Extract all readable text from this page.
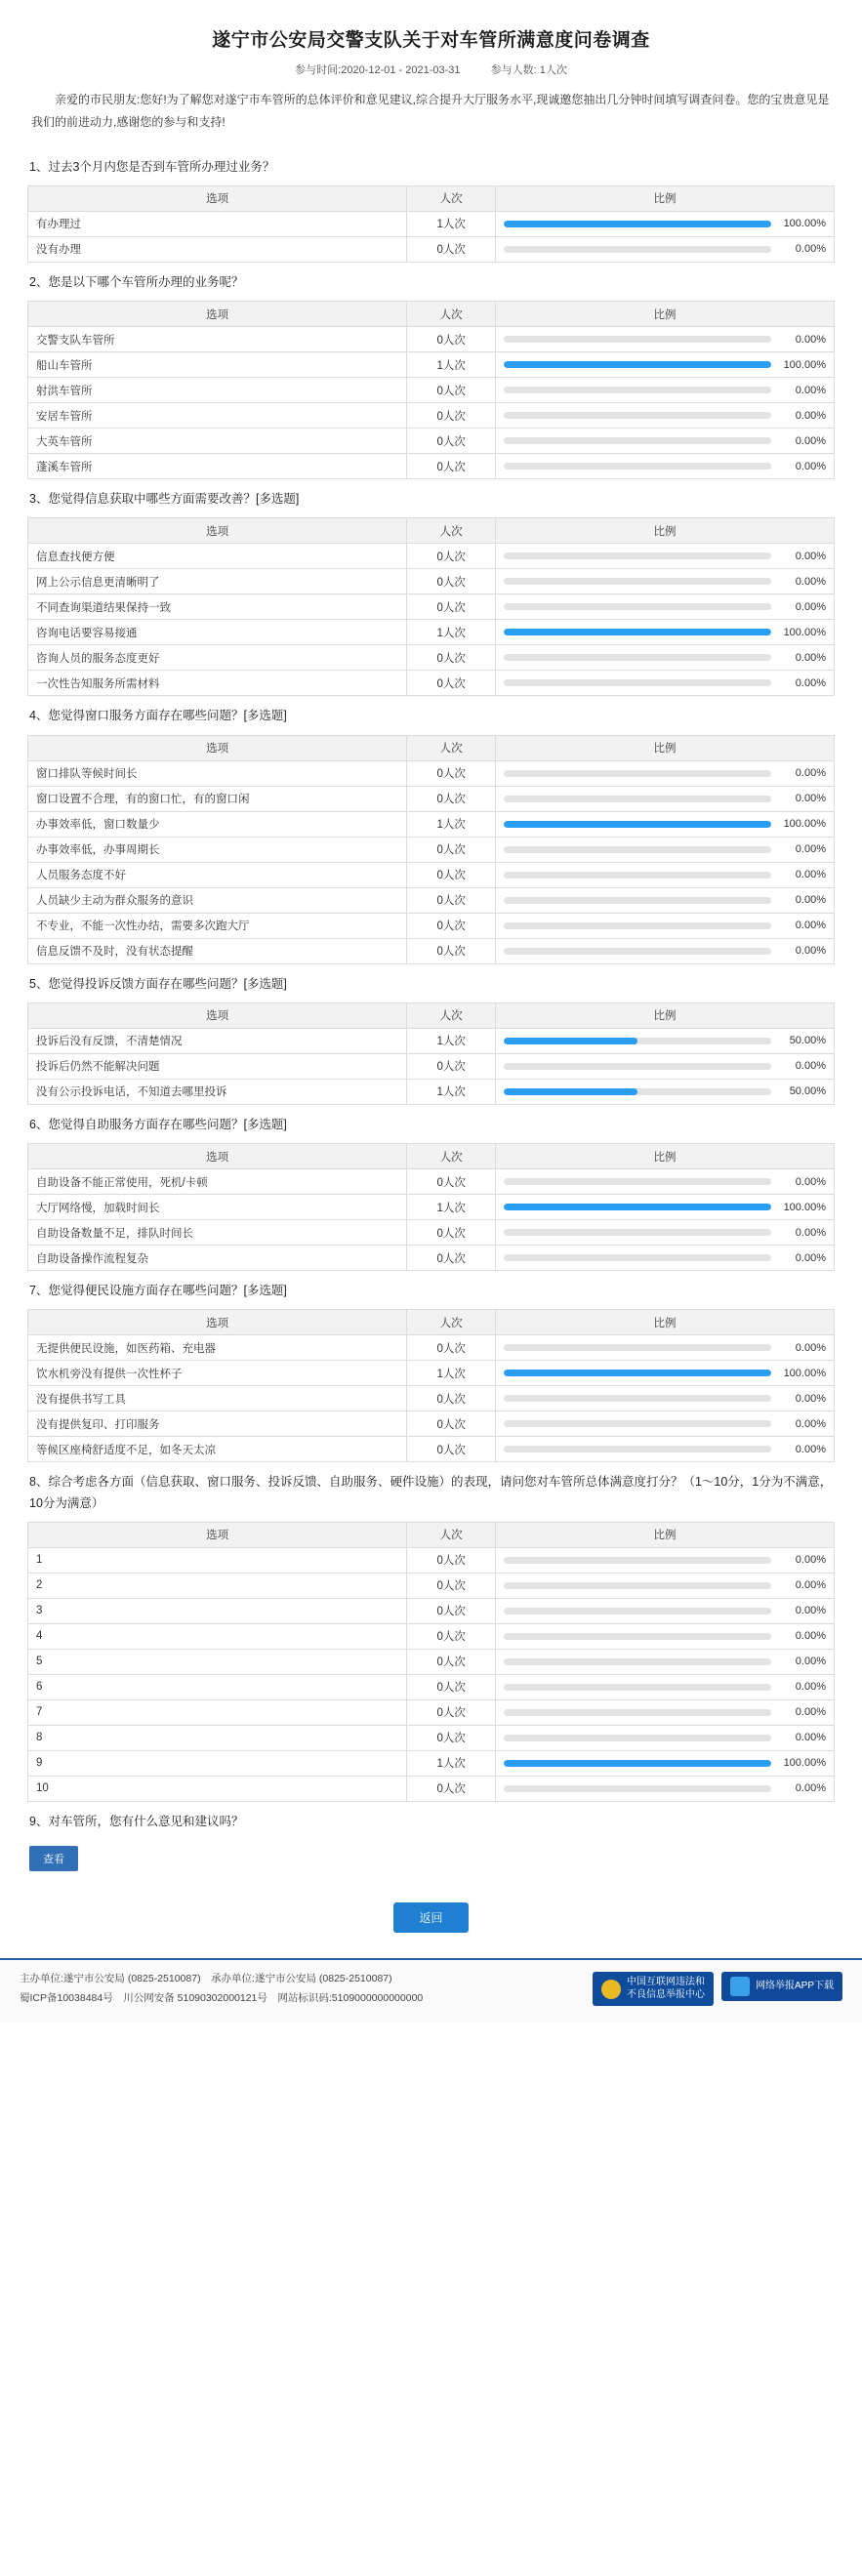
遂宁市公安局交警支队关于对车管所满意度问卷调查
参与时间:2020-12-01 - 2021-03-31	参与人数: 1人次
亲爱的市民朋友:您好!为了解您对遂宁市车管所的总体评价和意见建议,综合提升大厅服务水平,现诚邀您抽出几分钟时间填写调查问卷。您的宝贵意见是我们的前进动力,感谢您的参与和支持!
1、过去3个月内您是否到车管所办理过业务？
选项	人次	比例
有办理过	1人次	100.00%

没有办理	0人次	0.00%
2、您是以下哪个车管所办理的业务呢？
选项	人次	比例
交警支队车管所	0人次	0.00%

船山车管所	1人次	100.00%

射洪车管所	0人次	0.00%

安居车管所	0人次	0.00%

大英车管所	0人次	0.00%

蓬溪车管所	0人次	0.00%
3、您觉得信息获取中哪些方面需要改善？[多选题]
选项	人次	比例
信息查找便方便	0人次	0.00%

网上公示信息更清晰明了	0人次	0.00%

不同查询渠道结果保持一致	0人次	0.00%

咨询电话要容易接通	1人次	100.00%

咨询人员的服务态度更好	0人次	0.00%

一次性告知服务所需材料	0人次	0.00%
4、您觉得窗口服务方面存在哪些问题？[多选题]
选项	人次	比例
窗口排队等候时间长	0人次	0.00%

窗口设置不合理，有的窗口忙，有的窗口闲	0人次	0.00%

办事效率低，窗口数量少	1人次	100.00%

办事效率低，办事周期长	0人次	0.00%

人员服务态度不好	0人次	0.00%

人员缺少主动为群众服务的意识	0人次	0.00%

不专业，不能一次性办结，需要多次跑大厅	0人次	0.00%

信息反馈不及时，没有状态提醒	0人次	0.00%
5、您觉得投诉反馈方面存在哪些问题？[多选题]
选项	人次	比例
投诉后没有反馈，不清楚情况	1人次	50.00%

投诉后仍然不能解决问题	0人次	0.00%

没有公示投诉电话，不知道去哪里投诉	1人次	50.00%
6、您觉得自助服务方面存在哪些问题？[多选题]
选项	人次	比例
自助设备不能正常使用，死机/卡顿	0人次	0.00%

大厅网络慢，加载时间长	1人次	100.00%

自助设备数量不足，排队时间长	0人次	0.00%

自助设备操作流程复杂	0人次	0.00%
7、您觉得便民设施方面存在哪些问题？[多选题]
选项	人次	比例
无提供便民设施，如医药箱、充电器	0人次	0.00%

饮水机旁没有提供一次性杯子	1人次	100.00%

没有提供书写工具	0人次	0.00%

没有提供复印、打印服务	0人次	0.00%

等候区座椅舒适度不足，如冬天太凉	0人次	0.00%
8、综合考虑各方面（信息获取、窗口服务、投诉反馈、自助服务、硬件设施）的表现，请问您对车管所总体满意度打分？（1～10分，1分为不满意，10分为满意）
选项	人次	比例
1	0人次	0.00%

2	0人次	0.00%

3	0人次	0.00%

4	0人次	0.00%

5	0人次	0.00%

6	0人次	0.00%

7	0人次	0.00%

8	0人次	0.00%

9	1人次	100.00%

10	0人次	0.00%
9、对车管所，您有什么意见和建议吗？
查看
返回
主办单位:遂宁市公安局 (0825-2510087)　承办单位:遂宁市公安局 (0825-2510087)
蜀ICP备10038484号　川公网安备 51090302000121号　网站标识码:5109000000000000
中国互联网违法和
不良信息举报中心
网络举报APP下载
